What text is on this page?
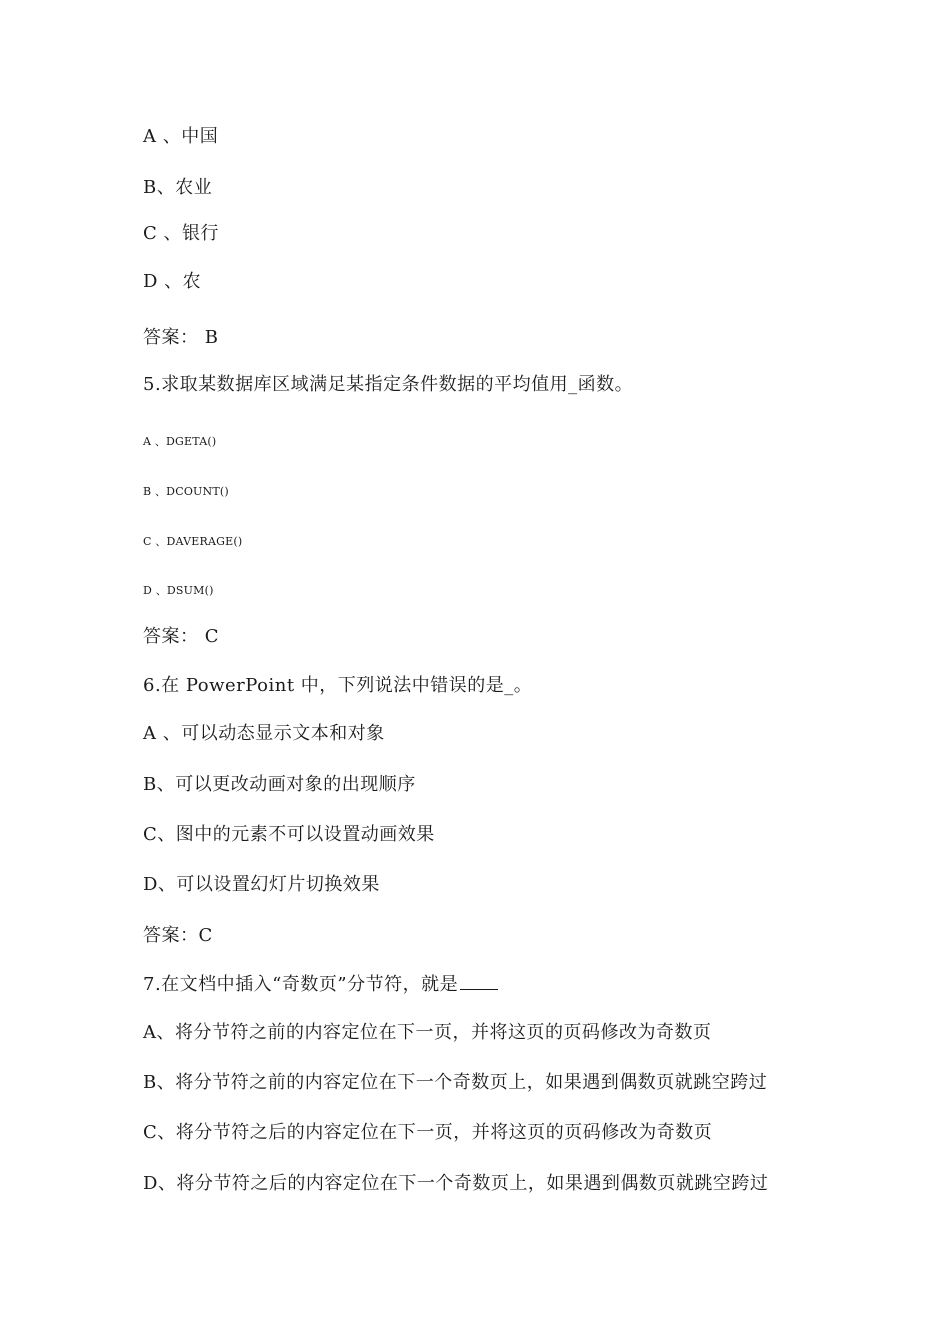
A 、中国
B、农业
C 、银行
D 、农
答案： B
5.求取某数据库区域满足某指定条件数据的平均值用_函数。
A 、DGETA()
B 、DCOUNT()
C 、DAVERAGE()
D 、DSUM()
答案： C
6.在 PowerPoint 中，下列说法中错误的是_。
A 、可以动态显示文本和对象
B、可以更改动画对象的出现顺序
C、图中的元素不可以设置动画效果
D、可以设置幻灯片切换效果
答案：C
7.在文档中插入“奇数页”分节符，就是
A、将分节符之前的内容定位在下一页，并将这页的页码修改为奇数页
B、将分节符之前的内容定位在下一个奇数页上，如果遇到偶数页就跳空跨过
C、将分节符之后的内容定位在下一页，并将这页的页码修改为奇数页
D、将分节符之后的内容定位在下一个奇数页上，如果遇到偶数页就跳空跨过
